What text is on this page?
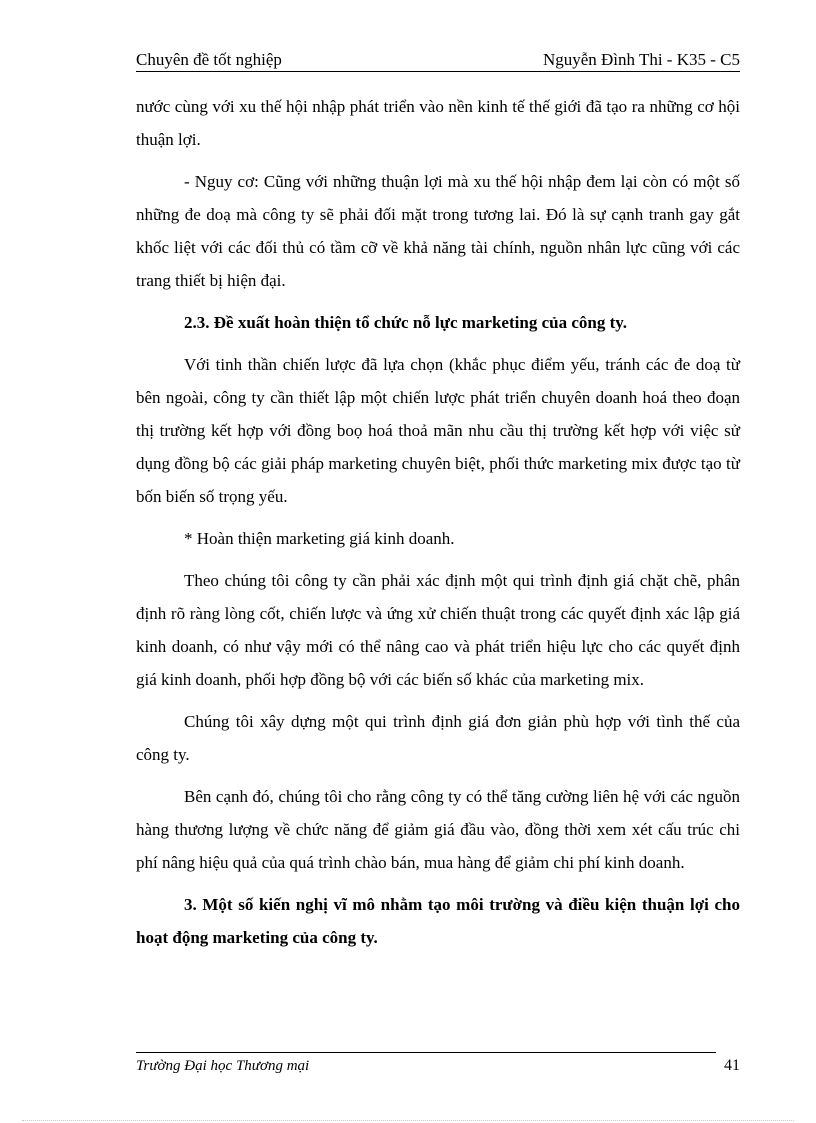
Chuyên đề tốt nghiệp	Nguyễn Đình Thi - K35 - C5

nước cùng với xu thế hội nhập phát triển vào nền kinh tế thế giới đã tạo ra những cơ hội thuận lợi.

- Nguy cơ: Cũng với những thuận lợi mà xu thế hội nhập đem lại còn có một số những đe doạ mà công ty sẽ phải đối mặt trong tương lai. Đó là sự cạnh tranh gay gắt khốc liệt với các đối thủ có tầm cỡ về khả năng tài chính, nguồn nhân lực cũng với các trang thiết bị hiện đại.

2.3. Đề xuất hoàn thiện tổ chức nỗ lực marketing của công ty.

Với tinh thần chiến lược đã lựa chọn (khắc phục điểm yếu, tránh các đe doạ từ bên ngoài, công ty cần thiết lập một chiến lược phát triển chuyên doanh hoá theo đoạn thị trường kết hợp với đồng boọ hoá thoả mãn nhu cầu thị trường kết hợp với việc sử dụng đồng bộ các giải pháp marketing chuyên biệt, phối thức marketing mix được tạo từ bốn biến số trọng yếu.

* Hoàn thiện marketing giá kinh doanh.

Theo chúng tôi công ty cần phải xác định một qui trình định giá chặt chẽ, phân định rõ ràng lòng cốt, chiến lược và ứng xử chiến thuật trong các quyết định xác lập giá kinh doanh, có như vậy mới có thể nâng cao và phát triển hiệu lực cho các quyết định giá kinh doanh, phối hợp đồng bộ với các biến số khác của marketing mix.

Chúng tôi xây dựng một qui trình định giá đơn giản phù hợp với tình thế của công ty.

Bên cạnh đó, chúng tôi cho rằng công ty có thể tăng cường liên hệ với các nguồn hàng thương lượng về chức năng để giảm giá đầu vào, đồng thời xem xét cấu trúc chi phí nâng hiệu quả của quá trình chào bán, mua hàng để giảm chi phí kinh doanh.

3. Một số kiến nghị vĩ mô nhằm tạo môi trường và điều kiện thuận lợi cho hoạt động marketing của công ty.

Trường Đại học Thương mại	41
